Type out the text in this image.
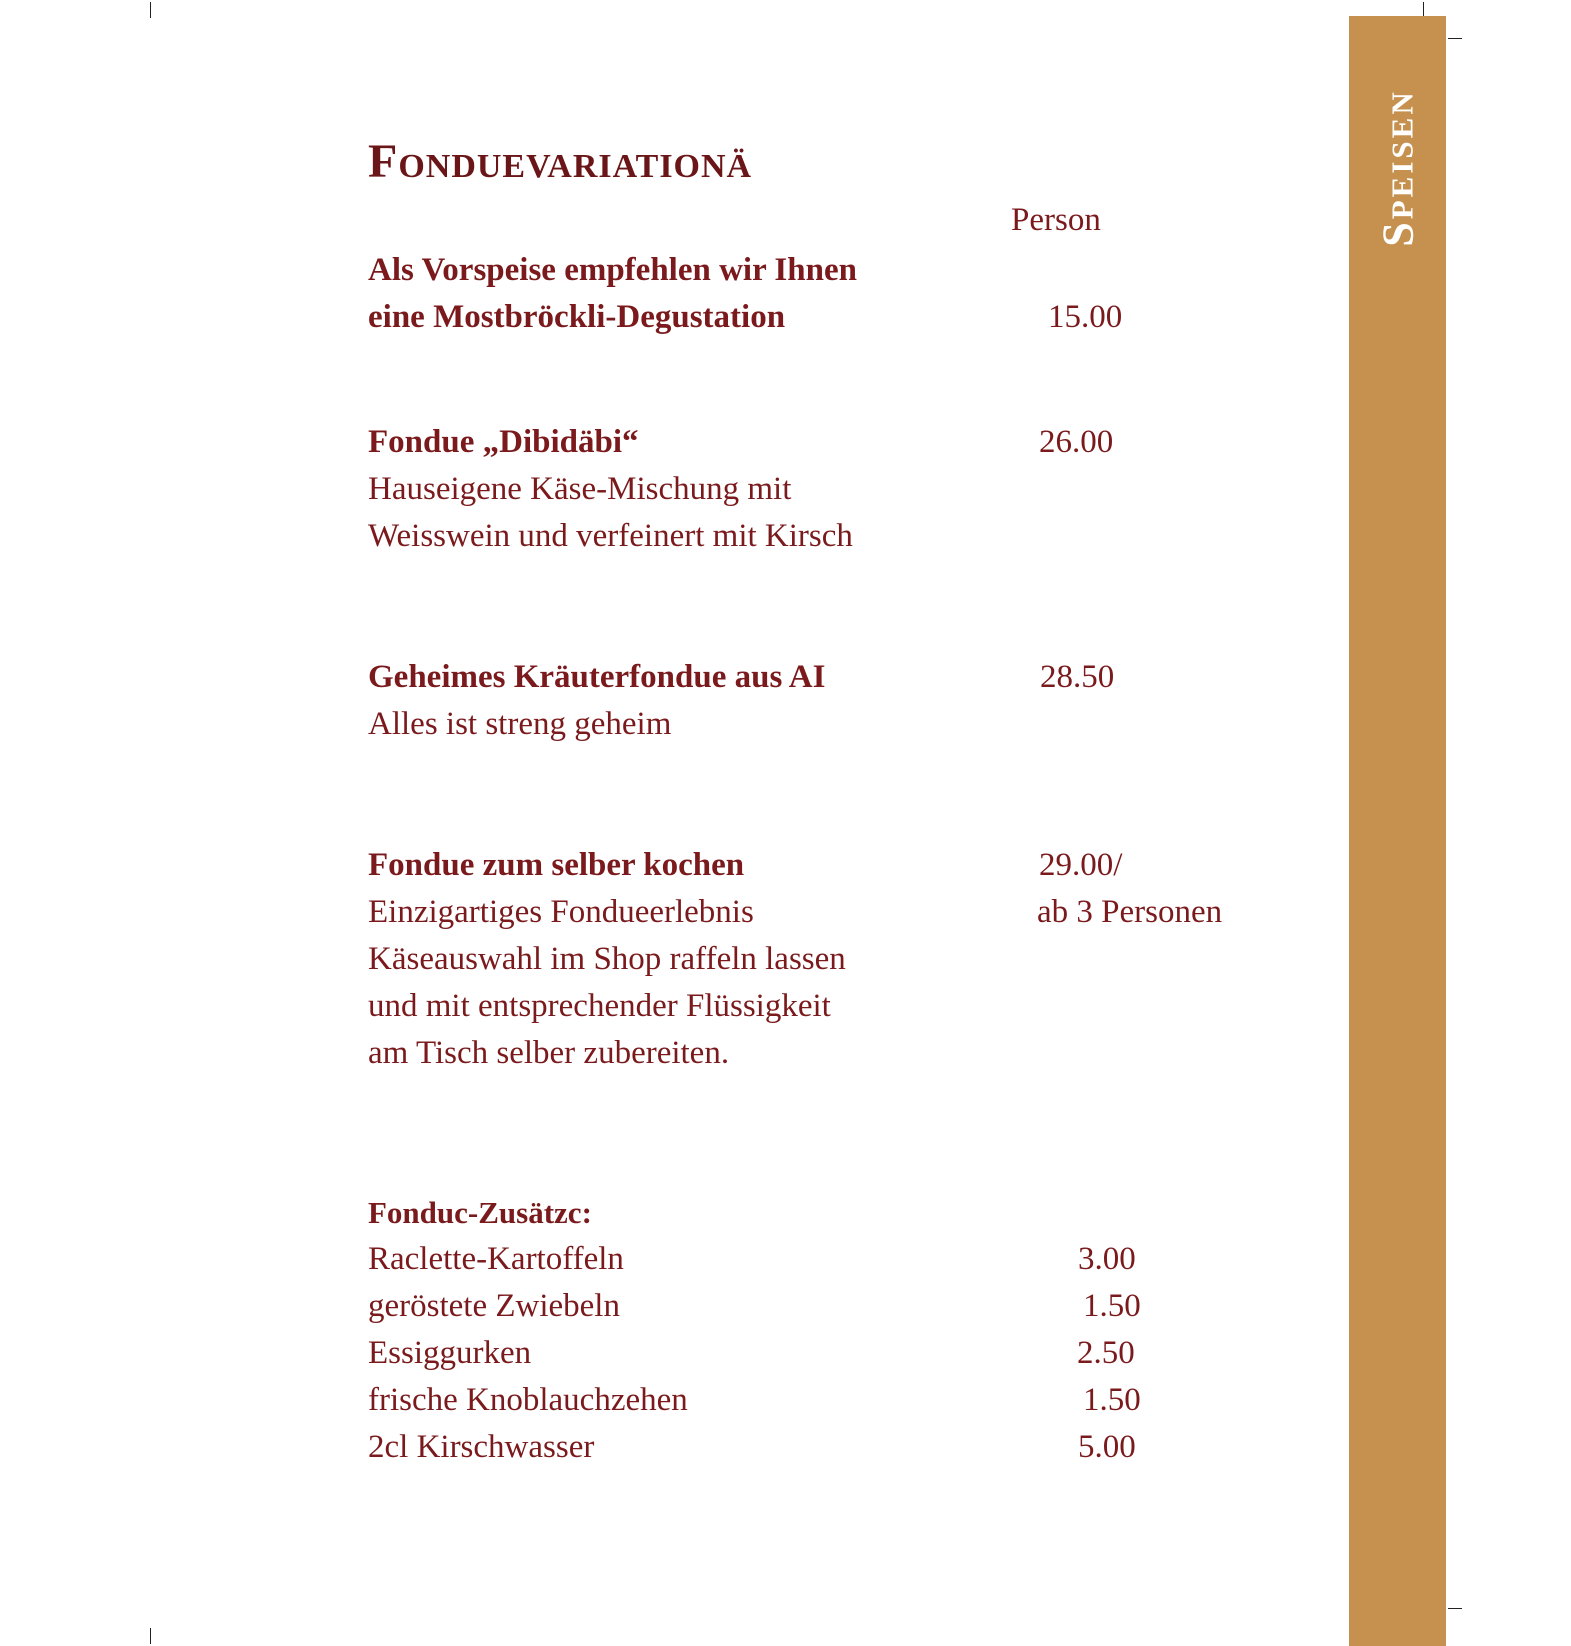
Speisen
Fonduevariationä
Person
Als Vorspeise empfehlen wir Ihnen
eine Mostbröckli-Degustation	15.00
Fondue „Dibidäbi“	26.00
Hauseigene Käse-Mischung mit
Weisswein und verfeinert mit Kirsch
Geheimes Kräuterfondue aus AI	28.50
Alles ist streng geheim
Fondue zum selber kochen	29.00/
Einzigartiges Fondueerlebnis	ab 3 Personen
Käseauswahl im Shop raffeln lassen
und mit entsprechender Flüssigkeit
am Tisch selber zubereiten.
Fonduc-Zusätzc:
Raclette-Kartoffeln	3.00
geröstete Zwiebeln	1.50
Essiggurken	2.50
frische Knoblauchzehen	1.50
2cl Kirschwasser	5.00
